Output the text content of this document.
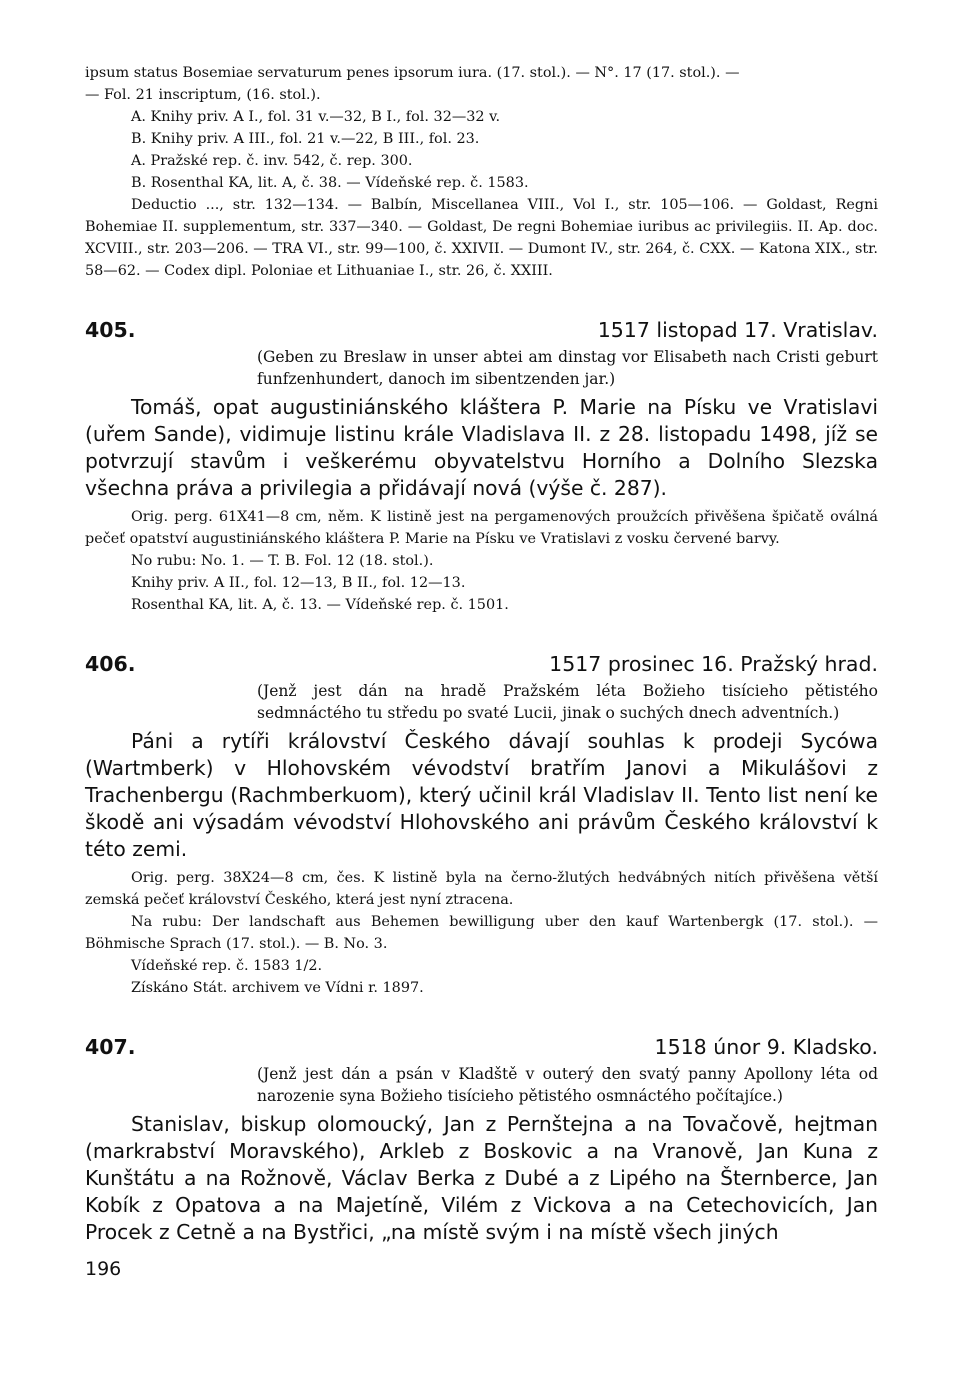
ipsum status Bosemiae servaturum penes ipsorum iura. (17. stol.). — N°. 17 (17. stol.). —

— Fol. 21 inscriptum, (16. stol.).

A. Knihy priv. A I., fol. 31 v.—32, B I., fol. 32—32 v.

B. Knihy priv. A III., fol. 21 v.—22, B III., fol. 23.

A. Pražské rep. č. inv. 542, č. rep. 300.

B. Rosenthal KA, lit. A, č. 38. — Vídeňské rep. č. 1583.

Deductio ..., str. 132—134. — Balbín, Miscellanea VIII., Vol I., str. 105—106. — Goldast, Regni Bohemiae II. supplementum, str. 337—340. — Goldast, De regni Bohemiae iuribus ac privilegiis. II. Ap. doc. XCVIII., str. 203—206. — TRA VI., str. 99—100, č. XXIVII. — Dumont IV., str. 264, č. CXX. — Katona XIX., str. 58—62. — Codex dipl. Poloniae et Lithuaniae I., str. 26, č. XXIII.

405.	1517 listopad 17. Vratislav.

(Geben zu Breslaw in unser abtei am dinstag vor Elisabeth nach Cristi geburt funfzenhundert, danoch im sibentzenden jar.)

Tomáš, opat augustiniánského kláštera P. Marie na Písku ve Vratislavi (uřem Sande), vidimuje listinu krále Vladislava II. z 28. listopadu 1498, jíž se potvrzují stavům i veškerému obyvatelstvu Horního a Dolního Slezska všechna práva a privilegia a přidávají nová (výše č. 287).

Orig. perg. 61X41—8 cm, něm. K listině jest na pergamenových proužcích přivěšena špičatě oválná pečeť opatství augustiniánského kláštera P. Marie na Písku ve Vratislavi z vosku červené barvy.

No rubu: No. 1. — T. B. Fol. 12 (18. stol.).

Knihy priv. A II., fol. 12—13, B II., fol. 12—13.

Rosenthal KA, lit. A, č. 13. — Vídeňské rep. č. 1501.

406.	1517 prosinec 16. Pražský hrad.

(Jenž jest dán na hradě Pražském léta Božieho tisícieho pětistého sedmnáctého tu středu po svaté Lucii, jinak o suchých dnech adventních.)

Páni a rytíři království Českého dávají souhlas k prodeji Sycówa (Wartmberk) v Hlohovském vévodství bratřím Janovi a Mikulášovi z Trachenbergu (Rachmberkuom), který učinil král Vladislav II. Tento list není ke škodě ani výsadám vévodství Hlohovského ani právům Českého království k této zemi.

Orig. perg. 38X24—8 cm, čes. K listině byla na černo-žlutých hedvábných nitích přivěšena větší zemská pečeť království Českého, která jest nyní ztracena.

Na rubu: Der landschaft aus Behemen bewilligung uber den kauf Wartenbergk (17. stol.). — Böhmische Sprach (17. stol.). — B. No. 3.

Vídeňské rep. č. 1583 1/2.

Získáno Stát. archivem ve Vídni r. 1897.

407.	1518 únor 9. Kladsko.

(Jenž jest dán a psán v Kladště v outerý den svatý panny Apollony léta od narozenie syna Božieho tisícieho pětistého osmnáctého počítajíce.)

Stanislav, biskup olomoucký, Jan z Pernštejna a na Tovačově, hejtman (markrabství Moravského), Arkleb z Boskovic a na Vranově, Jan Kuna z Kunštátu a na Rožnově, Václav Berka z Dubé a z Lipého na Šternberce, Jan Kobík z Opatova a na Majetíně, Vilém z Vickova a na Cetechovicích, Jan Procek z Cetně a na Bystřici, „na místě svým i na místě všech jiných

196
